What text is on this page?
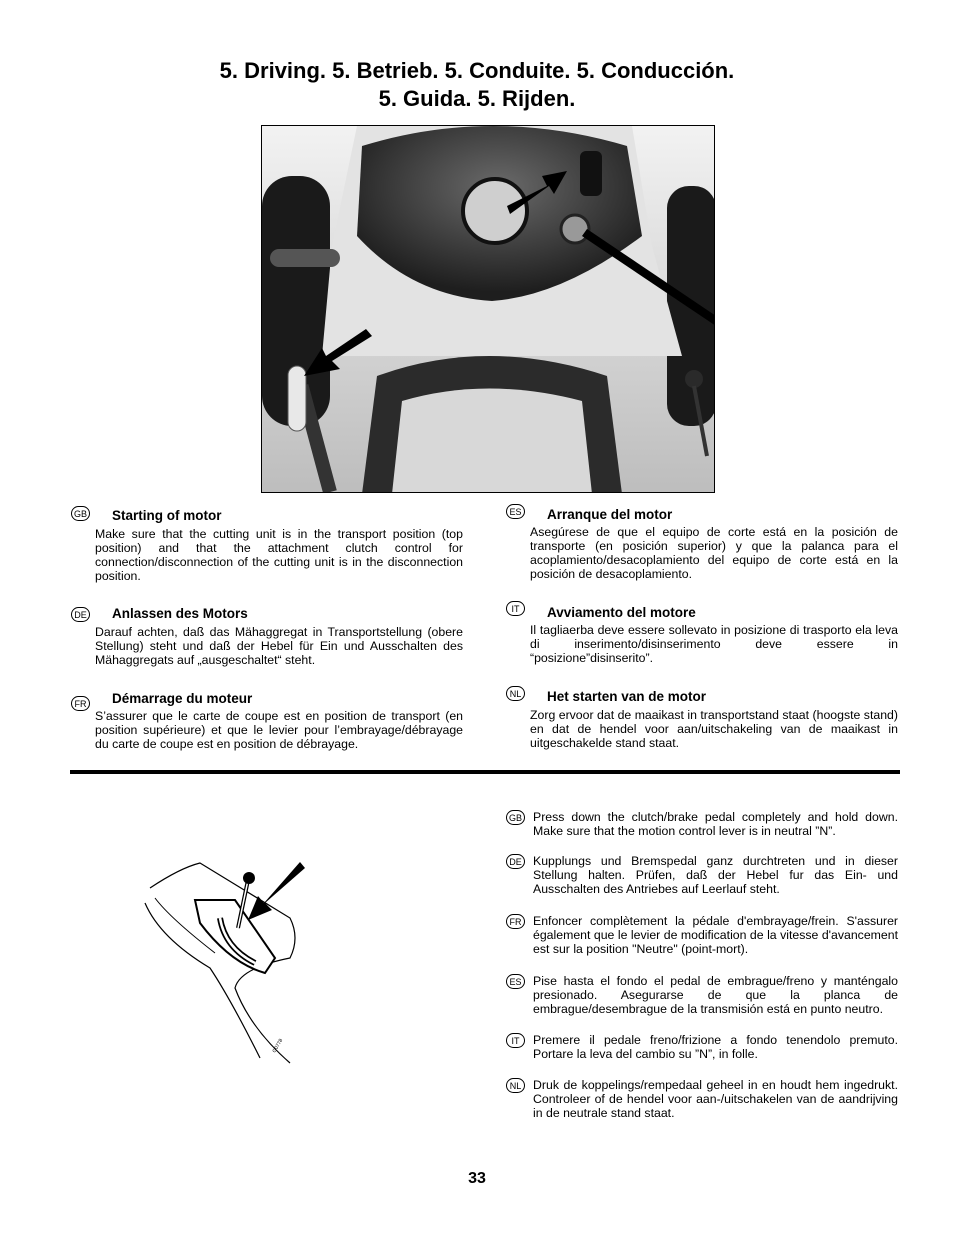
5. Driving. 5. Betrieb. 5. Conduite. 5. Conducción.
5. Guida. 5. Rijden.
GB Starting of motor
Make sure that the cutting unit is in the transport position (top position) and that the attachment clutch control for connection/disconnection of the cutting unit is in the disconnection position.
DE Anlassen des Motors
Darauf achten, daß das Mähaggregat in Transportstellung (obere Stellung) steht und daß der Hebel für Ein und Ausschalten des Mähaggregats auf „ausgeschaltet“ steht.
FR Démarrage du moteur
S’assurer que le carte de coupe est en position de transport (en position supérieure) et que le levier pour l’embrayage/débrayage du carte de coupe est en position de débrayage.
ES Arranque del motor
Asegúrese de que el equipo de corte está en la posición de transporte (en posición superior) y que la palanca para el acoplamiento/desacoplamiento del equipo de corte está en la posición de desacoplamiento.
IT	Avviamento del motore
Il tagliaerba deve essere sollevato in posizione di trasporto ela leva di inserimento/disinserimento deve essere in “posizione”disinserito”.
NL Het starten van de motor
Zorg ervoor dat de maaikast in transportstand staat (hoogste stand) en dat de hendel voor aan/uitschakeling van de maaikast in uitgeschakelde stand staat.
G0778
GB Press down the clutch/brake pedal completely and hold down. Make sure that the motion control lever is in neutral ”N”.
DE Kupplungs und Bremspedal ganz durchtreten und in dieser Stellung halten. Prüfen, daß der Hebel fur das Ein- und Ausschalten des Antriebes auf Leerlauf steht.
FR Enfoncer complètement la pédale d'embrayage/frein. S'assurer également que le levier de modification de la vitesse d'avancement est sur la position "Neutre" (point-mort).
ES Pise hasta el fondo el pedal de embrague/freno y manténgalo presionado. Asegurarse de que la planca de embrague/desembrague de la transmisión está en punto neutro.
IT	Premere il pedale freno/frizione a fondo tenendolo premuto. Portare la leva del cambio su ”N”, in folle.
NL Druk de koppelings/rempedaal geheel in en houdt hem ingedrukt. Controleer of de hendel voor aan-/uitschakelen van de aandrijving in de neutrale stand staat.
33
